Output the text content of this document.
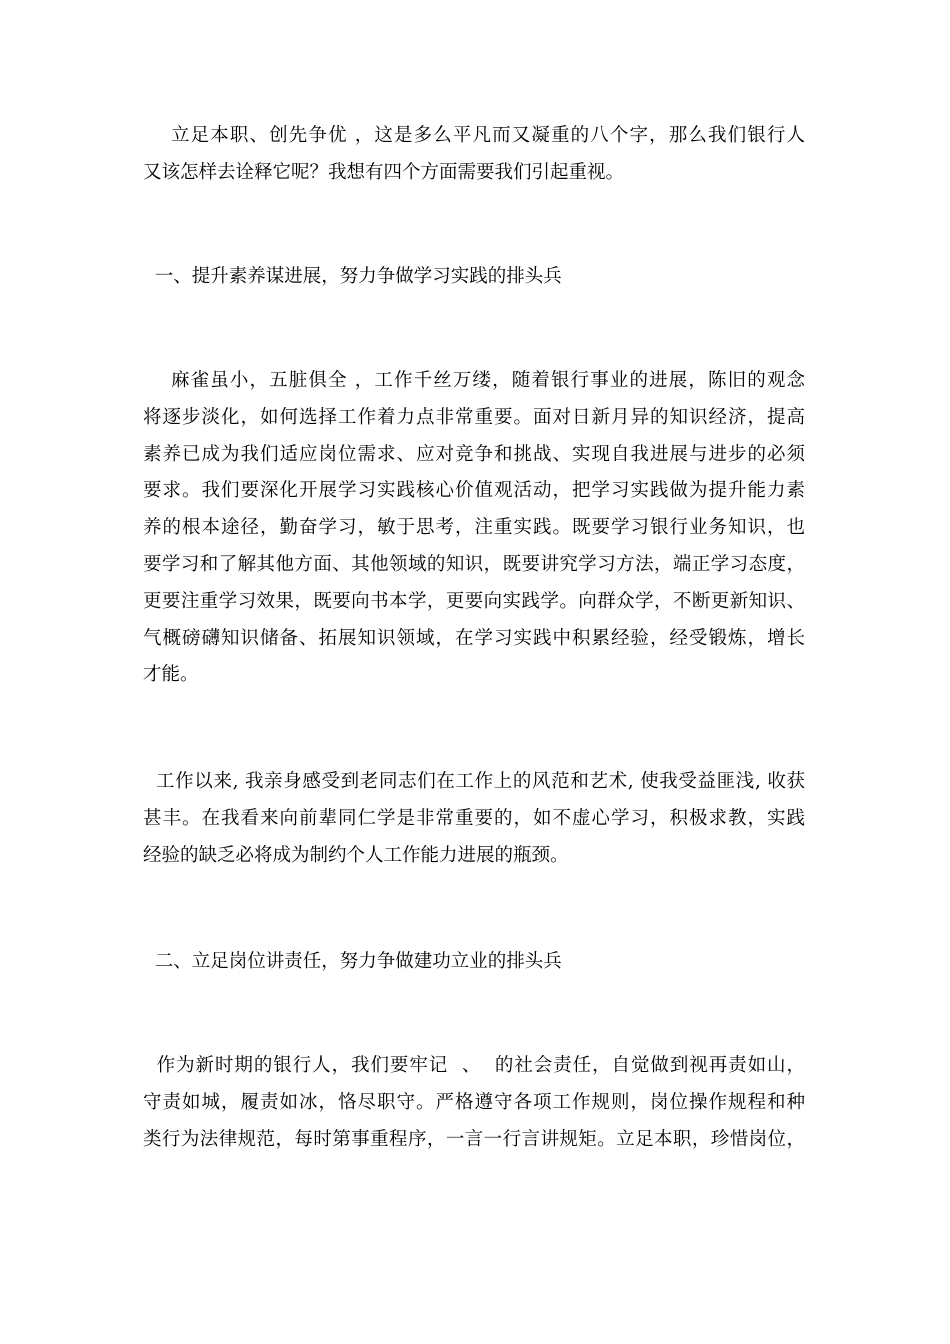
立足本职、创先争优 ，这是多么平凡而又凝重的八个字，那么我们银行人
又该怎样去诠释它呢？我想有四个方面需要我们引起重视。
一、提升素养谋进展，努力争做学习实践的排头兵
麻雀虽小，五脏俱全 ，工作千丝万缕，随着银行事业的进展，陈旧的观念
将逐步淡化，如何选择工作着力点非常重要。面对日新月异的知识经济，提高
素养已成为我们适应岗位需求、应对竞争和挑战、实现自我进展与进步的必须
要求。我们要深化开展学习实践核心价值观活动，把学习实践做为提升能力素
养的根本途径，勤奋学习，敏于思考，注重实践。既要学习银行业务知识，也
要学习和了解其他方面、其他领域的知识，既要讲究学习方法，端正学习态度，
更要注重学习效果，既要向书本学，更要向实践学。向群众学，不断更新知识、
气概磅礴知识储备、拓展知识领域，在学习实践中积累经验，经受锻炼，增长
才能。
工作以来, 我亲身感受到老同志们在工作上的风范和艺术, 使我受益匪浅, 收获
甚丰。在我看来向前辈同仁学是非常重要的，如不虚心学习，积极求教，实践
经验的缺乏必将成为制约个人工作能力进展的瓶颈。
二、立足岗位讲责任，努力争做建功立业的排头兵
作为新时期的银行人，我们要牢记  、  的社会责任，自觉做到视再责如山，
守责如城，履责如冰，恪尽职守。严格遵守各项工作规则，岗位操作规程和种
类行为法律规范，每时第事重程序，一言一行言讲规矩。立足本职，珍惜岗位，
